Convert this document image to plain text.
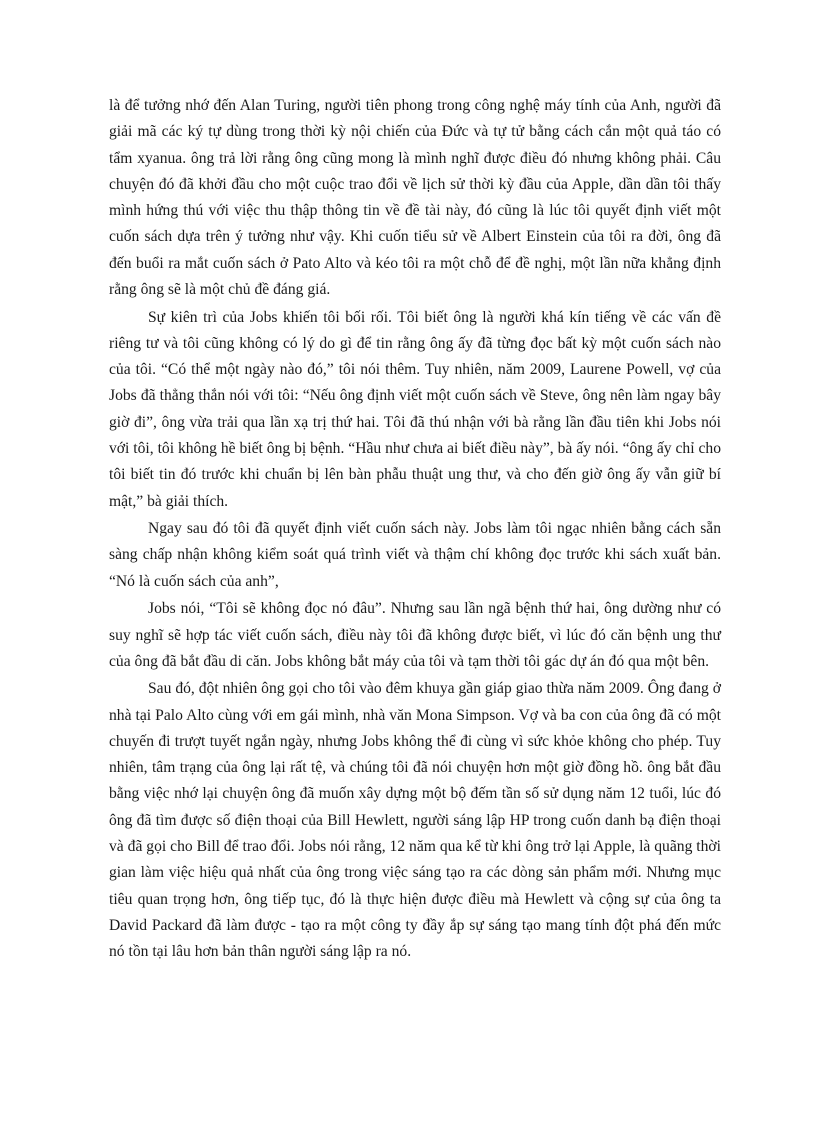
là để tưởng nhớ đến Alan Turing, người tiên phong trong công nghệ máy tính của Anh, người đã giải mã các ký tự dùng trong thời kỳ nội chiến của Đức và tự tử bằng cách cắn một quả táo có tẩm xyanua. ông trả lời rằng ông cũng mong là mình nghĩ được điều đó nhưng không phải. Câu chuyện đó đã khởi đầu cho một cuộc trao đổi về lịch sử thời kỳ đầu của Apple, dần dần tôi thấy mình hứng thú với việc thu thập thông tin về đề tài này, đó cũng là lúc tôi quyết định viết một cuốn sách dựa trên ý tưởng như vậy. Khi cuốn tiểu sử về Albert Einstein của tôi ra đời, ông đã đến buổi ra mắt cuốn sách ở Pato Alto và kéo tôi ra một chỗ để đề nghị, một lần nữa khẳng định rằng ông sẽ là một chủ đề đáng giá.

Sự kiên trì của Jobs khiến tôi bối rối. Tôi biết ông là người khá kín tiếng về các vấn đề riêng tư và tôi cũng không có lý do gì để tin rằng ông ấy đã từng đọc bất kỳ một cuốn sách nào của tôi. “Có thể một ngày nào đó,” tôi nói thêm. Tuy nhiên, năm 2009, Laurene Powell, vợ của Jobs đã thẳng thắn nói với tôi: “Nếu ông định viết một cuốn sách về Steve, ông nên làm ngay bây giờ đi”, ông vừa trải qua lần xạ trị thứ hai. Tôi đã thú nhận với bà rằng lần đầu tiên khi Jobs nói với tôi, tôi không hề biết ông bị bệnh. “Hầu như chưa ai biết điều này”, bà ấy nói. “ông ấy chỉ cho tôi biết tin đó trước khi chuẩn bị lên bàn phẫu thuật ung thư, và cho đến giờ ông ấy vẫn giữ bí mật,” bà giải thích.

Ngay sau đó tôi đã quyết định viết cuốn sách này. Jobs làm tôi ngạc nhiên bằng cách sẵn sàng chấp nhận không kiểm soát quá trình viết và thậm chí không đọc trước khi sách xuất bản. “Nó là cuốn sách của anh”,

Jobs nói, “Tôi sẽ không đọc nó đâu”. Nhưng sau lần ngã bệnh thứ hai, ông dường như có suy nghĩ sẽ hợp tác viết cuốn sách, điều này tôi đã không được biết, vì lúc đó căn bệnh ung thư của ông đã bắt đầu di căn. Jobs không bắt máy của tôi và tạm thời tôi gác dự án đó qua một bên.

Sau đó, đột nhiên ông gọi cho tôi vào đêm khuya gần giáp giao thừa năm 2009. Ông đang ở nhà tại Palo Alto cùng với em gái mình, nhà văn Mona Simpson. Vợ và ba con của ông đã có một chuyến đi trượt tuyết ngắn ngày, nhưng Jobs không thể đi cùng vì sức khỏe không cho phép. Tuy nhiên, tâm trạng của ông lại rất tệ, và chúng tôi đã nói chuyện hơn một giờ đồng hồ. ông bắt đầu bằng việc nhớ lại chuyện ông đã muốn xây dựng một bộ đếm tần số sử dụng năm 12 tuổi, lúc đó ông đã tìm được số điện thoại của Bill Hewlett, người sáng lập HP trong cuốn danh bạ điện thoại và đã gọi cho Bill để trao đổi. Jobs nói rằng, 12 năm qua kể từ khi ông trở lại Apple, là quãng thời gian làm việc hiệu quả nhất của ông trong việc sáng tạo ra các dòng sản phẩm mới. Nhưng mục tiêu quan trọng hơn, ông tiếp tục, đó là thực hiện được điều mà Hewlett và cộng sự của ông ta David Packard đã làm được - tạo ra một công ty đầy ắp sự sáng tạo mang tính đột phá đến mức nó tồn tại lâu hơn bản thân người sáng lập ra nó.
